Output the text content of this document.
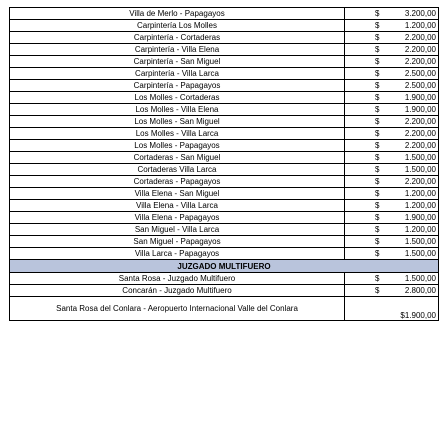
Villa de Merlo - Papagayos	$ 3.200,00
Carpintería Los Molles	$ 1.200,00
Carpintería - Cortaderas	$ 2.200,00
Carpintería - Villa Elena	$ 2.200,00
Carpintería - San Miguel	$ 2.200,00
Carpintería - Villa Larca	$ 2.500,00
Carpintería - Papagayos	$ 2.500,00
Los Molles - Cortaderas	$ 1.900,00
Los Molles - Villa Elena	$ 1.900,00
Los Molles - San Miguel	$ 2.200,00
Los Molles - Villa Larca	$ 2.200,00
Los Molles - Papagayos	$ 2.200,00
Cortaderas - San Miguel	$ 1.500,00
Cortaderas Villa Larca	$ 1.500,00
Cortaderas - Papagayos	$ 2.200,00
Villa Elena - San Miguel	$ 1.200,00
Villa Elena - Villa Larca	$ 1.200,00
Villa Elena - Papagayos	$ 1.900,00
San Miguel - Villa Larca	$ 1.200,00
San Miguel - Papagayos	$ 1.500,00
Villa Larca - Papagayos	$ 1.500,00
JUZGADO MULTIFUERO	
Santa Rosa - Juzgado Multifuero	$ 1.500,00
Concarán - Juzgado Multifuero	$ 2.800,00
Santa Rosa del Conlara - Aeropuerto Internacional Valle del Conlara	$1.900,00
